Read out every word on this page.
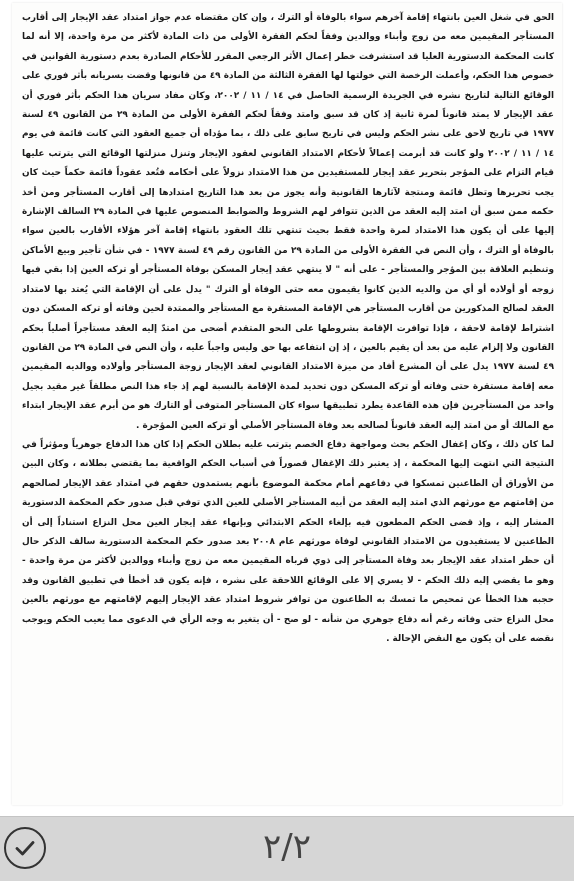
الحق في شغل العين بانتهاء إقامة آخرهم سواء بالوفاة أو الترك ، وإن كان مقتضاه عدم جواز امتداد عقد الإيجار إلى أقارب المستأجر المقيمين معه من زوج وأبناء ووالدين وفقاً لحكم الفقرة الأولى من ذات المادة لأكثر من مرة واحدة، إلا أنه لما كانت المحكمة الدستورية العليا قد استشرفت خطر إعمال الأثر الرجعي المقرر للأحكام الصادرة بعدم دستورية القوانين في خصوص هذا الحكم، وأعملت الرخصة التي خولتها لها الفقرة الثالثة من المادة ٤٩ من قانونها وقضت بسريانه بأثر فوري على الوقائع التالية لتاريخ نشره في الجريدة الرسمية الحاصل في ١٤ / ١١ / ٢٠٠٢، وكان مفاد سريان هذا الحكم بأثر فوري أن عقد الإيجار لا يمتد قانوناً لمرة ثانية إذ كان قد سبق وامتد وفقاً لحكم الفقرة الأولى من المادة ٢٩ من القانون ٤٩ لسنة ١٩٧٧ في تاريخ لاحق على نشر الحكم وليس في تاريخ سابق على ذلك ، بما مؤداه أن جميع العقود التي كانت قائمة في يوم ١٤ / ١١ / ٢٠٠٢ ولو كانت قد أبرمت إعمالاً لأحكام الامتداد القانوني لعقود الإيجار وتنزل منزلتها الوقائع التي يترتب عليها قيام التزام على المؤجر بتحرير عقد إيجار للمستفيدين من هذا الامتداد نزولاً على أحكامه فتُعد عقوداً قائمة حكماً حيث كان يجب تحريرها وتظل قائمة ومنتجة لآثارها القانونية وأنه يجوز من بعد هذا التاريخ امتدادها إلى أقارب المستأجر ومن أخذ حكمه ممن سبق أن امتد إليه العقد من الذين تتوافر لهم الشروط والضوابط المنصوص عليها في المادة ٢٩ السالف الإشارة إليها على أن يكون هذا الامتداد لمرة واحدة فقط بحيث تنتهي تلك العقود بانتهاء إقامة آخر هؤلاء الأقارب بالعين سواء بالوفاة أو الترك ، وأن النص في الفقرة الأولى من المادة ٢٩ من القانون رقم ٤٩ لسنة ١٩٧٧ - في شأن تأجير وبيع الأماكن وتنظيم العلاقة بين المؤجر والمستأجر - على أنه " لا ينتهي عقد إيجار المسكن بوفاة المستأجر أو تركه العين إذا بقي فيها زوجه أو أولاده أو أي من والديه الذين كانوا يقيمون معه حتى الوفاة أو الترك " يدل على أن الإقامة التي يُعتد بها لامتداد العقد لصالح المذكورين من أقارب المستأجر هي الإقامة المستقرة مع المستأجر والممتدة لحين وفاته أو تركه المسكن دون اشتراط لإقامة لاحقة ، فإذا توافرت الإقامة بشروطها على النحو المتقدم أضحى من امتدّ إليه العقد مستأجراً أصلياً بحكم القانون ولا إلزام عليه من بعد أن يقيم بالعين ، إذ إن انتفاعه بها حق وليس واجباً عليه ، وأن النص في المادة ٢٩ من القانون ٤٩ لسنة ١٩٧٧ يدل على أن المشرع أفاد من ميزة الامتداد القانوني لعقد الإيجار زوجة المستأجر وأولاده ووالديه المقيمين معه إقامة مستقرة حتى وفاته أو تركه المسكن دون تحديد لمدة الإقامة بالنسبة لهم إذ جاء هذا النص مطلقاً غير مقيد بجيل واحد من المستأجرين فإن هذه القاعدة يطرد تطبيقها سواء كان المستأجر المتوفى أو التارك هو من أبرم عقد الإيجار ابتداء مع المالك أو من امتد إليه العقد قانوناً لصالحه بعد وفاة المستأجر الأصلي أو تركه العين المؤجرة .

لما كان ذلك ، وكان إغفال الحكم بحث ومواجهة دفاع الخصم يترتب عليه بطلان الحكم إذا كان هذا الدفاع جوهرياً ومؤثراً في النتيجة التي انتهت إليها المحكمة ، إذ يعتبر ذلك الإغفال قصوراً في أسباب الحكم الواقعية بما يقتضي بطلانه ، وكان البين من الأوراق أن الطاعنين تمسكوا في دفاعهم أمام محكمة الموضوع بأنهم يستمدون حقهم في امتداد عقد الإيجار لصالحهم من إقامتهم مع مورثهم الذي امتد إليه العقد من أبيه المستأجر الأصلي للعين الذي توفي قبل صدور حكم المحكمة الدستورية المشار إليه ، وإذ قضى الحكم المطعون فيه بإلغاء الحكم الابتدائي وبإنهاء عقد إيجار العين محل النزاع استناداً إلى أن الطاعنين لا يستفيدون من الامتداد القانوني لوفاة مورثهم عام ٢٠٠٨ بعد صدور حكم المحكمة الدستورية سالف الذكر حال أن حظر امتداد عقد الإيجار بعد وفاة المستأجر إلى ذوي قرباه المقيمين معه من زوج وأبناء ووالدين لأكثر من مرة واحدة - وهو ما يقضي إليه ذلك الحكم - لا يسري إلا على الوقائع اللاحقة على نشره ، فإنه يكون قد أخطأ في تطبيق القانون وقد حجبه هذا الخطأ عن تمحيص ما تمسك به الطاعنون من توافر شروط امتداد عقد الإيجار إليهم لإقامتهم مع مورثهم بالعين محل النزاع حتى وفاته رغم أنه دفاع جوهري من شأنه - لو صح - أن يتغير به وجه الرأي في الدعوى مما يعيب الحكم ويوجب نقضه على أن يكون مع النقض الإحالة .

٢/٢
